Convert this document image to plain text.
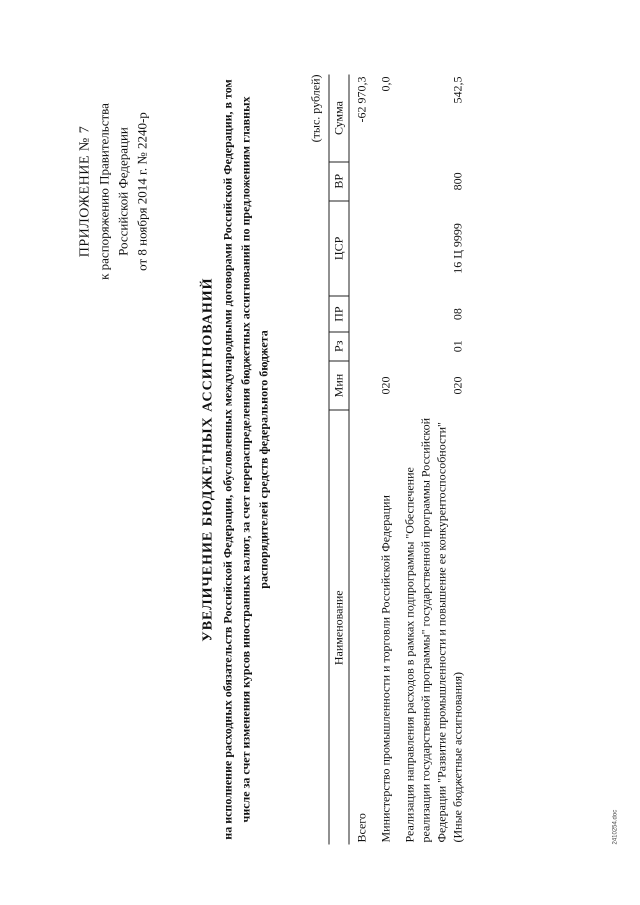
ПРИЛОЖЕНИЕ № 7 к распоряжению Правительства Российской Федерации от 8 ноября 2014 г. № 2240-р
УВЕЛИЧЕНИЕ БЮДЖЕТНЫХ АССИГНОВАНИЙ на исполнение расходных обязательств Российской Федерации, обусловленных международными договорами Российской Федерации, в том числе за счет изменения курсов иностранных валют, за счет перераспределения бюджетных ассигнований по предложениям главных распорядителей средств федерального бюджета
(тыс. рублей)
Наименование	Мин	Рз	ПР	ЦСР	ВР	Сумма
Всего						-62 970,3
Министерство промышленности и торговли Российской Федерации	020					0,0
Реализация направления расходов в рамках подпрограммы "Обеспечение реализации государственной программы" государственной программы Российской Федерации "Развитие промышленности и повышение ее конкурентоспособности" (Иные бюджетные ассигнования)	020	01	08	16 Ц 9999	800	542,5
2410254.doc
